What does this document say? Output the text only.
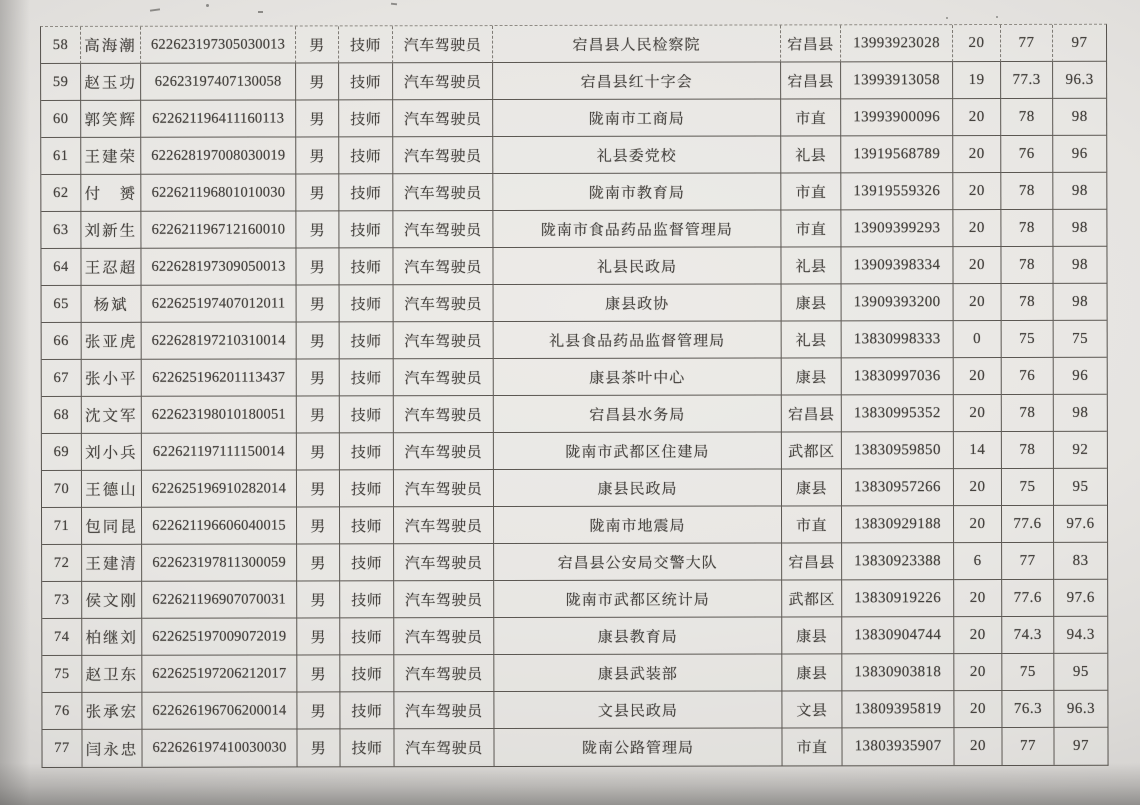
58	高海潮 622623197305030013	男	技师	汽车驾驶员	宕昌县人民检察院	宕昌县	13993923028	20	77	97
59	赵玉功	62623197407130058	男	技师	汽车驾驶员	宕昌县红十字会	宕昌县	13993913058	19	77.3	96.3
60	郭笑辉	622621196411160113	男	技师	汽车驾驶员	陇南市工商局	市直	13993900096	20	78	98
61	王建荣 622628197008030019	男	技师	汽车驾驶员	礼县委党校	礼县	13919568789	20	76	96
62	付　赟 622621196801010030	男	技师	汽车驾驶员	陇南市教育局	市直	13919559326	20	78	98
63	刘新生 622621196712160010	男	技师	汽车驾驶员	陇南市食品药品监督管理局	市直	13909399293	20	78	98
64	王忍超 622628197309050013	男	技师	汽车驾驶员	礼县民政局	礼县	13909398334	20	78	98
65	杨斌	622625197407012011	男	技师	汽车驾驶员	康县政协	康县	13909393200	20	78	98
66	张亚虎 622628197210310014	男	技师	汽车驾驶员	礼县食品药品监督管理局	礼县	13830998333	0	75	75
67	张小平	622625196201113437	男	技师	汽车驾驶员	康县茶叶中心	康县	13830997036	20	76	96
68	沈文军 622623198010180051	男	技师	汽车驾驶员	宕昌县水务局	宕昌县	13830995352	20	78	98
69	刘小兵	622621197111150014	男	技师	汽车驾驶员	陇南市武都区住建局	武都区	13830959850	14	78	92
70	王德山 622625196910282014	男	技师	汽车驾驶员	康县民政局	康县	13830957266	20	75	95
71	包同昆 622621196606040015	男	技师	汽车驾驶员	陇南市地震局	市直	13830929188	20	77.6	97.6
72	王建清 622623197811300059	男	技师	汽车驾驶员	宕昌县公安局交警大队	宕昌县	13830923388	6	77	83
73	侯文刚 622621196907070031	男	技师	汽车驾驶员	陇南市武都区统计局	武都区	13830919226	20	77.6	97.6
74	柏继刘 622625197009072019	男	技师	汽车驾驶员	康县教育局	康县	13830904744	20	74.3	94.3
75	赵卫东 622625197206212017	男	技师	汽车驾驶员	康县武装部	康县	13830903818	20	75	95
76	张承宏 622626196706200014	男	技师	汽车驾驶员	文县民政局	文县	13809395819	20	76.3	96.3
77	闫永忠 622626197410030030	男	技师	汽车驾驶员	陇南公路管理局	市直	13803935907	20	77	97
